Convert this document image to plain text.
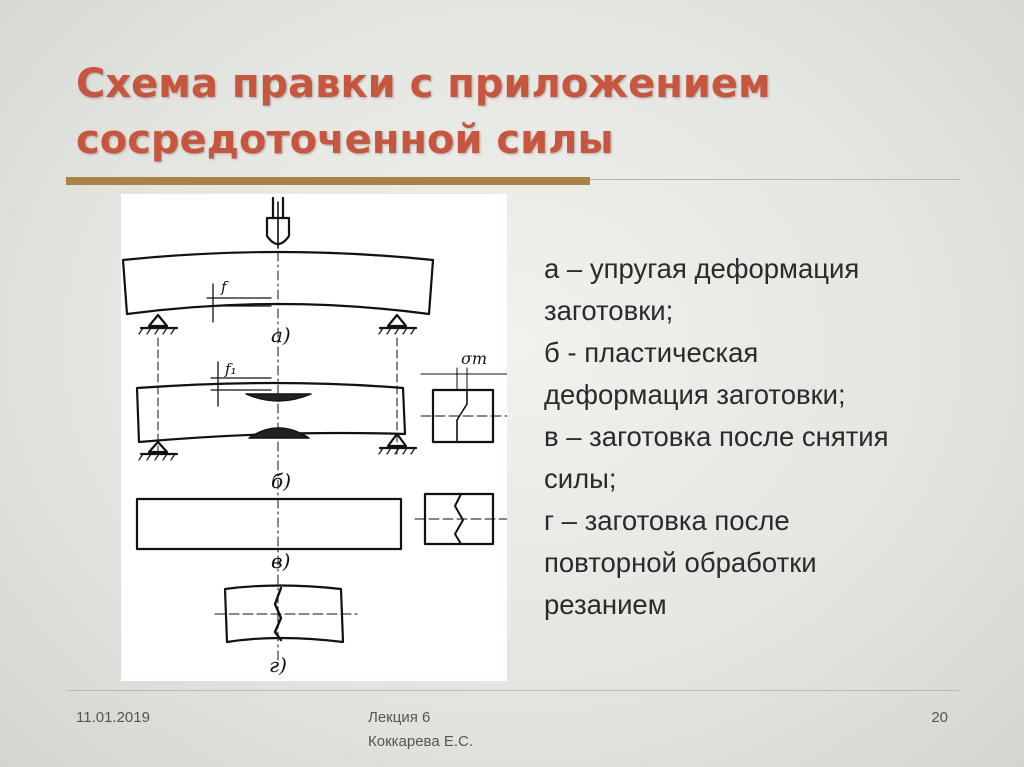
Схема правки с приложением
сосредоточенной силы
f
а)
f₁
б)
σт
в)
г)
а – упругая деформация
заготовки;
б - пластическая
деформация заготовки;
в – заготовка после снятия
силы;
г – заготовка после
повторной обработки
резанием
11.01.2019	Лекция 6
Коккарева Е.С.
20
